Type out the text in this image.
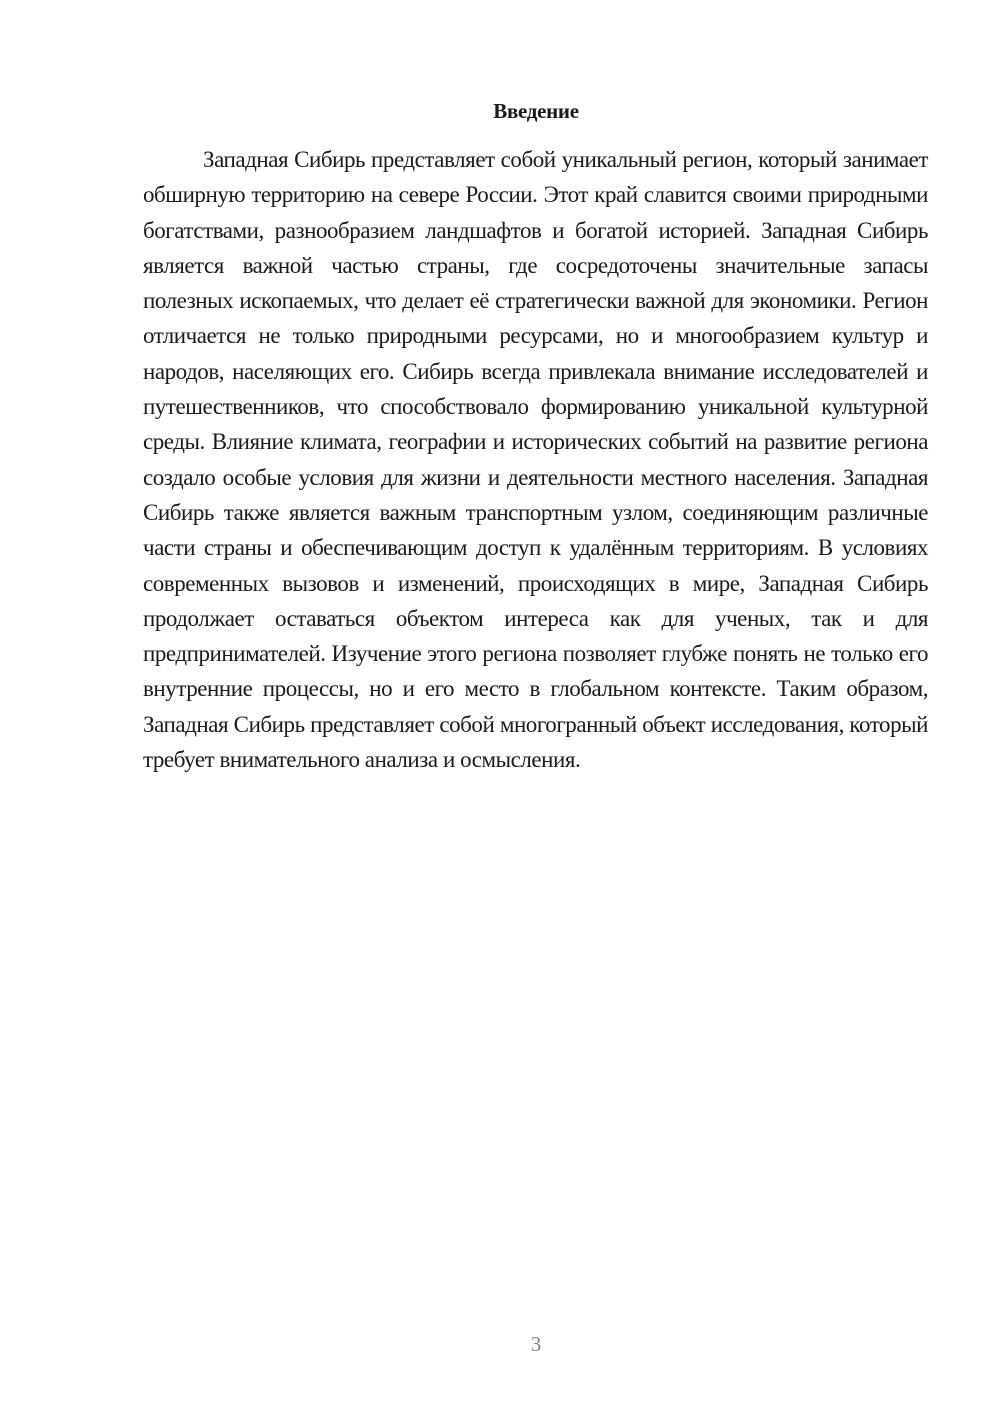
Введение

Западная Сибирь представляет собой уникальный регион, который занимает обширную территорию на севере России. Этот край славится своими природными богатствами, разнообразием ландшафтов и богатой историей. Западная Сибирь является важной частью страны, где сосредоточены значительные запасы полезных ископаемых, что делает её стратегически важной для экономики. Регион отличается не только природными ресурсами, но и многообразием культур и народов, населяющих его. Сибирь всегда привлекала внимание исследователей и путешественников, что способствовало формированию уникальной культурной среды. Влияние климата, географии и исторических событий на развитие региона создало особые условия для жизни и деятельности местного населения. Западная Сибирь также является важным транспортным узлом, соединяющим различные части страны и обеспечивающим доступ к удалённым территориям. В условиях современных вызовов и изменений, происходящих в мире, Западная Сибирь продолжает оставаться объектом интереса как для ученых, так и для предпринимателей. Изучение этого региона позволяет глубже понять не только его внутренние процессы, но и его место в глобальном контексте. Таким образом, Западная Сибирь представляет собой многогранный объект исследования, который требует внимательного анализа и осмысления.

3
